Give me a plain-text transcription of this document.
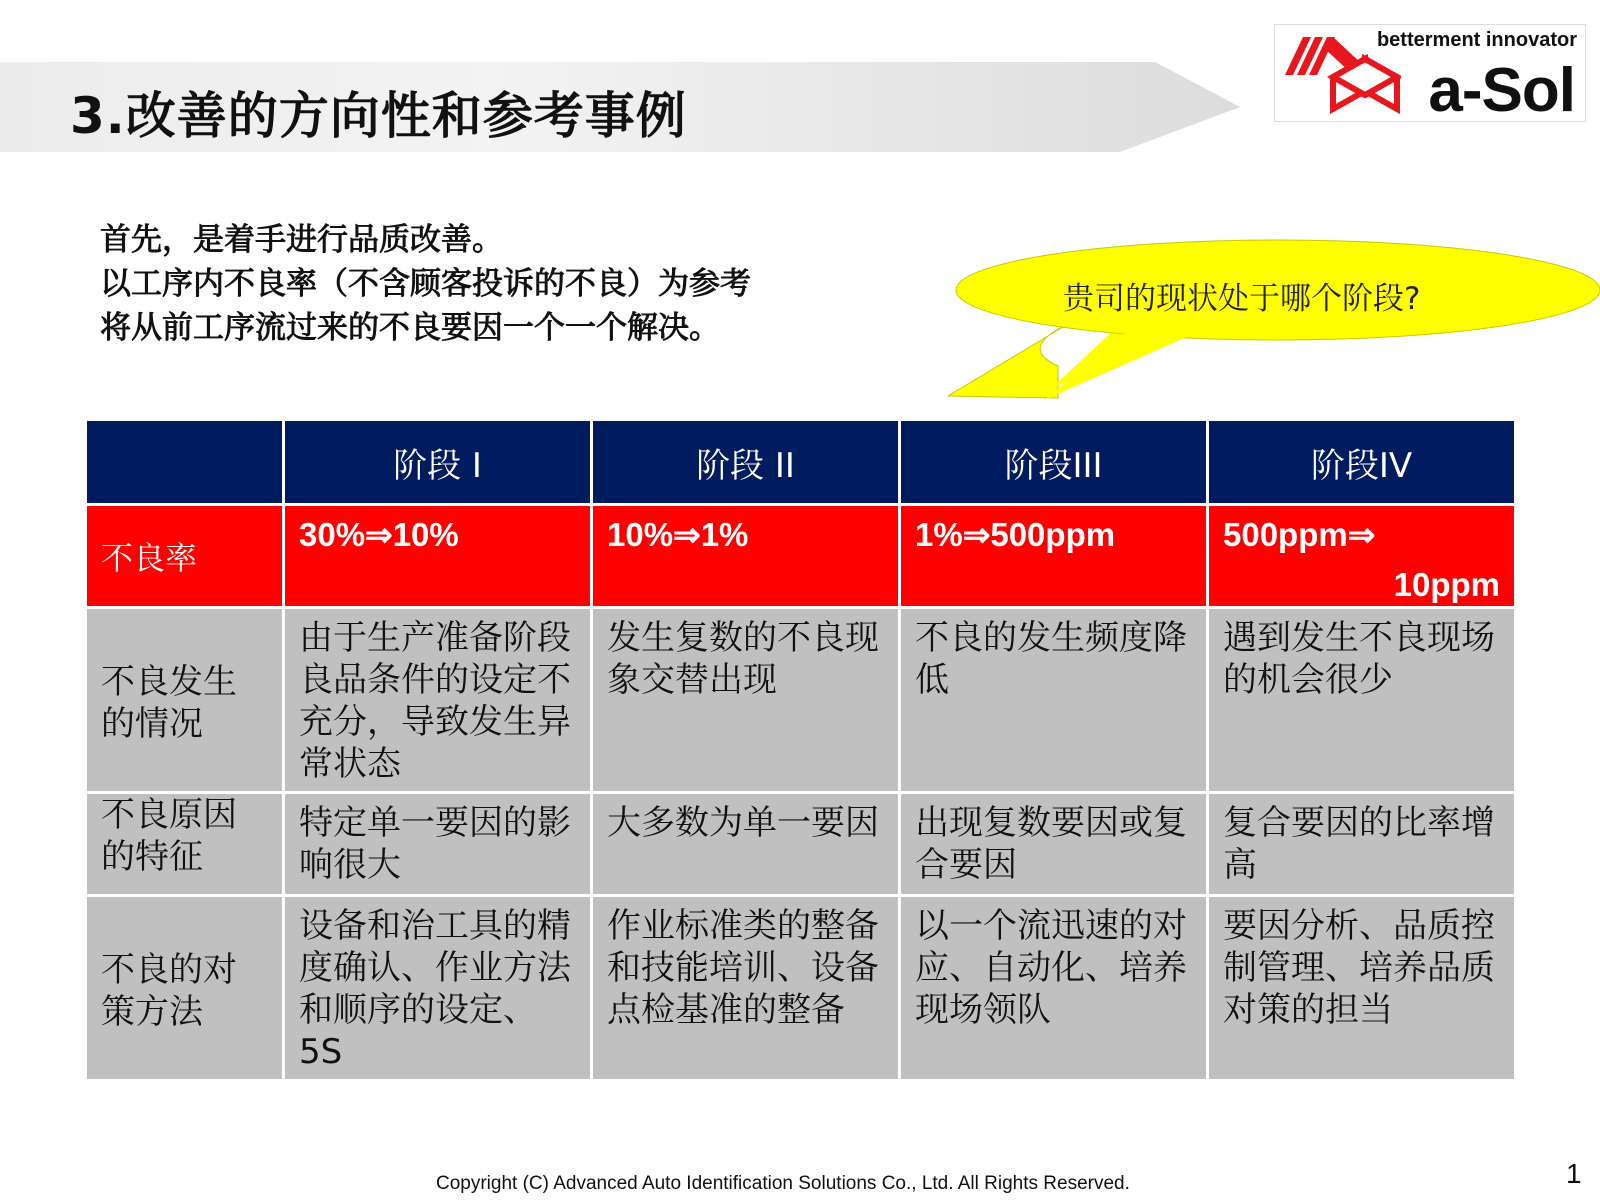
3.改善的方向性和参考事例
betterment innovator
a-Sol
首先，是着手进行品质改善。
以工序内不良率（不含顾客投诉的不良）为参考
将从前工序流过来的不良要因一个一个解决。
贵司的现状处于哪个阶段?
	阶段 I	阶段 II	阶段III	阶段IV
不良率	30%⇒10%	10%⇒1%	1%⇒500ppm	500ppm⇒
10ppm

不良发生
的情况	由于生产准备阶段良品条件的设定不充分，导致发生异常状态	发生复数的不良现象交替出现	不良的发生频度降低	遇到发生不良现场的机会很少

不良原因
的特征	特定单一要因的影响很大	大多数为单一要因	出现复数要因或复合要因	复合要因的比率增高

不良的对
策方法	设备和治工具的精度确认、作业方法和顺序的设定、5S	作业标准类的整备和技能培训、设备点检基准的整备	以一个流迅速的对应、自动化、培养现场领队	要因分析、品质控制管理、培养品质对策的担当
Copyright (C) Advanced Auto Identification Solutions Co., Ltd. All Rights Reserved.	1
